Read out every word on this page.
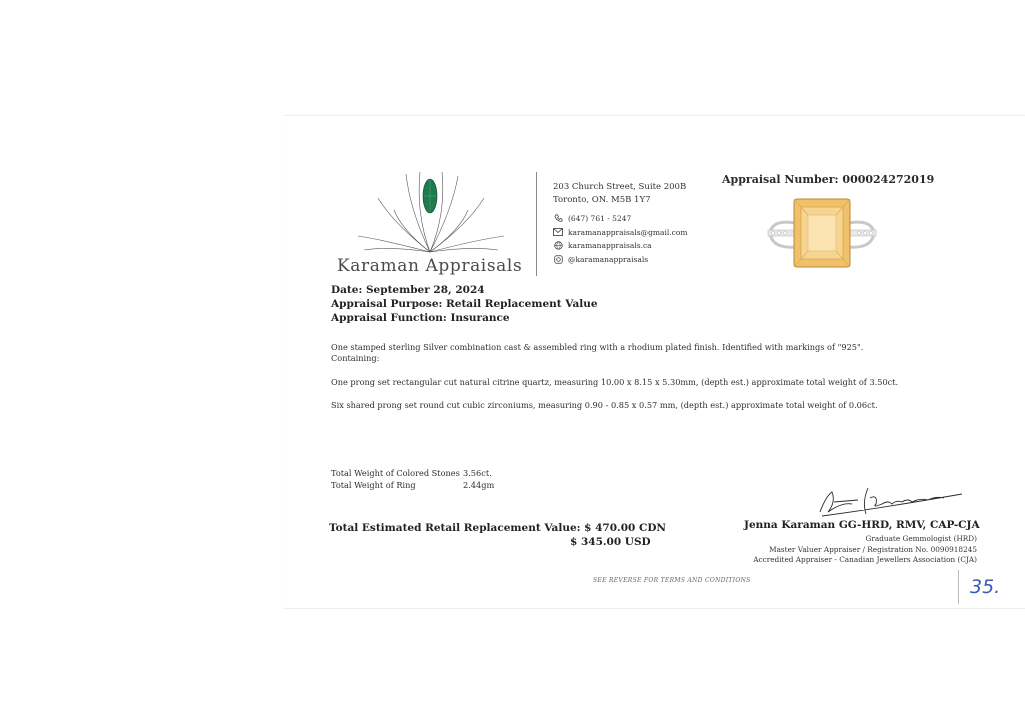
Karaman Appraisals
203 Church Street, Suite 200B
Toronto, ON. M5B 1Y7
(647) 761 - 5247
karamanappraisals@gmail.com
karamanappraisals.ca
@karamanappraisals
Appraisal Number: 000024272019
Date: September 28, 2024
Appraisal Purpose: Retail Replacement Value
Appraisal Function: Insurance
One stamped sterling Silver combination cast & assembled ring with a rhodium plated finish. Identified with markings of "925".
Containing:
One prong set rectangular cut natural citrine quartz, measuring 10.00 x 8.15 x 5.30mm, (depth est.) approximate total weight of 3.50ct.
Six shared prong set round cut cubic zirconiums, measuring 0.90 - 0.85 x 0.57 mm, (depth est.) approximate total weight of 0.06ct.
Total Weight of Colored Stones 3.56ct.
Total Weight of Ring	2.44gm
Total Estimated Retail Replacement Value: $ 470.00 CDN
$ 345.00 USD
Jenna Karaman GG-HRD, RMV, CAP-CJA
Graduate Gemmologist (HRD)
Master Valuer Appraiser / Registration No. 0090918245
Accredited Appraiser - Canadian Jewellers Association (CJA)
SEE REVERSE FOR TERMS AND CONDITIONS	35.
